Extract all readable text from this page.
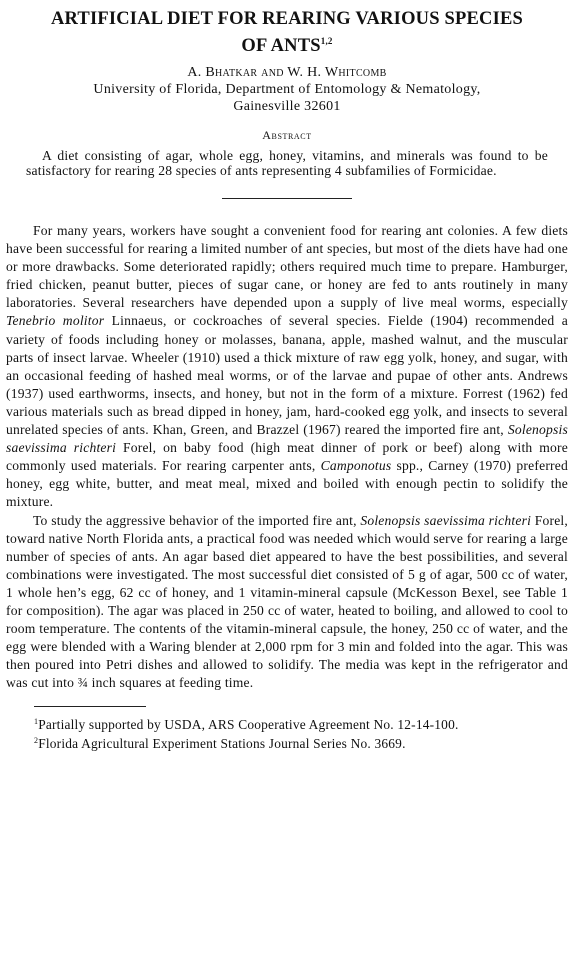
ARTIFICIAL DIET FOR REARING VARIOUS SPECIES
OF ANTS$^{1,2}$
A. Bhatkar and W. H. Whitcomb
University of Florida, Department of Entomology & Nematology,
Gainesville 32601
Abstract

A diet consisting of agar, whole egg, honey, vitamins, and minerals was found to be satisfactory for rearing 28 species of ants representing 4 subfamilies of Formicidae.

For many years, workers have sought a convenient food for rearing ant colonies. A few diets have been successful for rearing a limited number of ant species, but most of the diets have had one or more drawbacks. Some deteriorated rapidly; others required much time to prepare. Hamburger, fried chicken, peanut butter, pieces of sugar cane, or honey are fed to ants routinely in many laboratories. Several researchers have depended upon a supply of live meal worms, especially Tenebrio molitor Linnaeus, or cockroaches of several species. Fielde (1904) recommended a variety of foods including honey or molasses, banana, apple, mashed walnut, and the muscular parts of insect larvae. Wheeler (1910) used a thick mixture of raw egg yolk, honey, and sugar, with an occasional feeding of hashed meal worms, or of the larvae and pupae of other ants. Andrews (1937) used earthworms, insects, and honey, but not in the form of a mixture. Forrest (1962) fed various materials such as bread dipped in honey, jam, hard-cooked egg yolk, and insects to several unrelated species of ants. Khan, Green, and Brazzel (1967) reared the imported fire ant, Solenopsis saevissima richteri Forel, on baby food (high meat dinner of pork or beef) along with more commonly used materials. For rearing carpenter ants, Camponotus spp., Carney (1970) preferred honey, egg white, butter, and meat meal, mixed and boiled with enough pectin to solidify the mixture.

To study the aggressive behavior of the imported fire ant, Solenopsis saevissima richteri Forel, toward native North Florida ants, a practical food was needed which would serve for rearing a large number of species of ants. An agar based diet appeared to have the best possibilities, and several combinations were investigated. The most successful diet consisted of 5 g of agar, 500 cc of water, 1 whole hen’s egg, 62 cc of honey, and 1 vitamin-mineral capsule (McKesson Bexel, see Table 1 for composition). The agar was placed in 250 cc of water, heated to boiling, and allowed to cool to room temperature. The contents of the vitamin-mineral capsule, the honey, 250 cc of water, and the egg were blended with a Waring blender at 2,000 rpm for 3 min and folded into the agar. This was then poured into Petri dishes and allowed to solidify. The media was kept in the refrigerator and was cut into ¾ inch squares at feeding time.

$^1$Partially supported by USDA, ARS Cooperative Agreement No. 12-14-100.

$^2$Florida Agricultural Experiment Stations Journal Series No. 3669.
